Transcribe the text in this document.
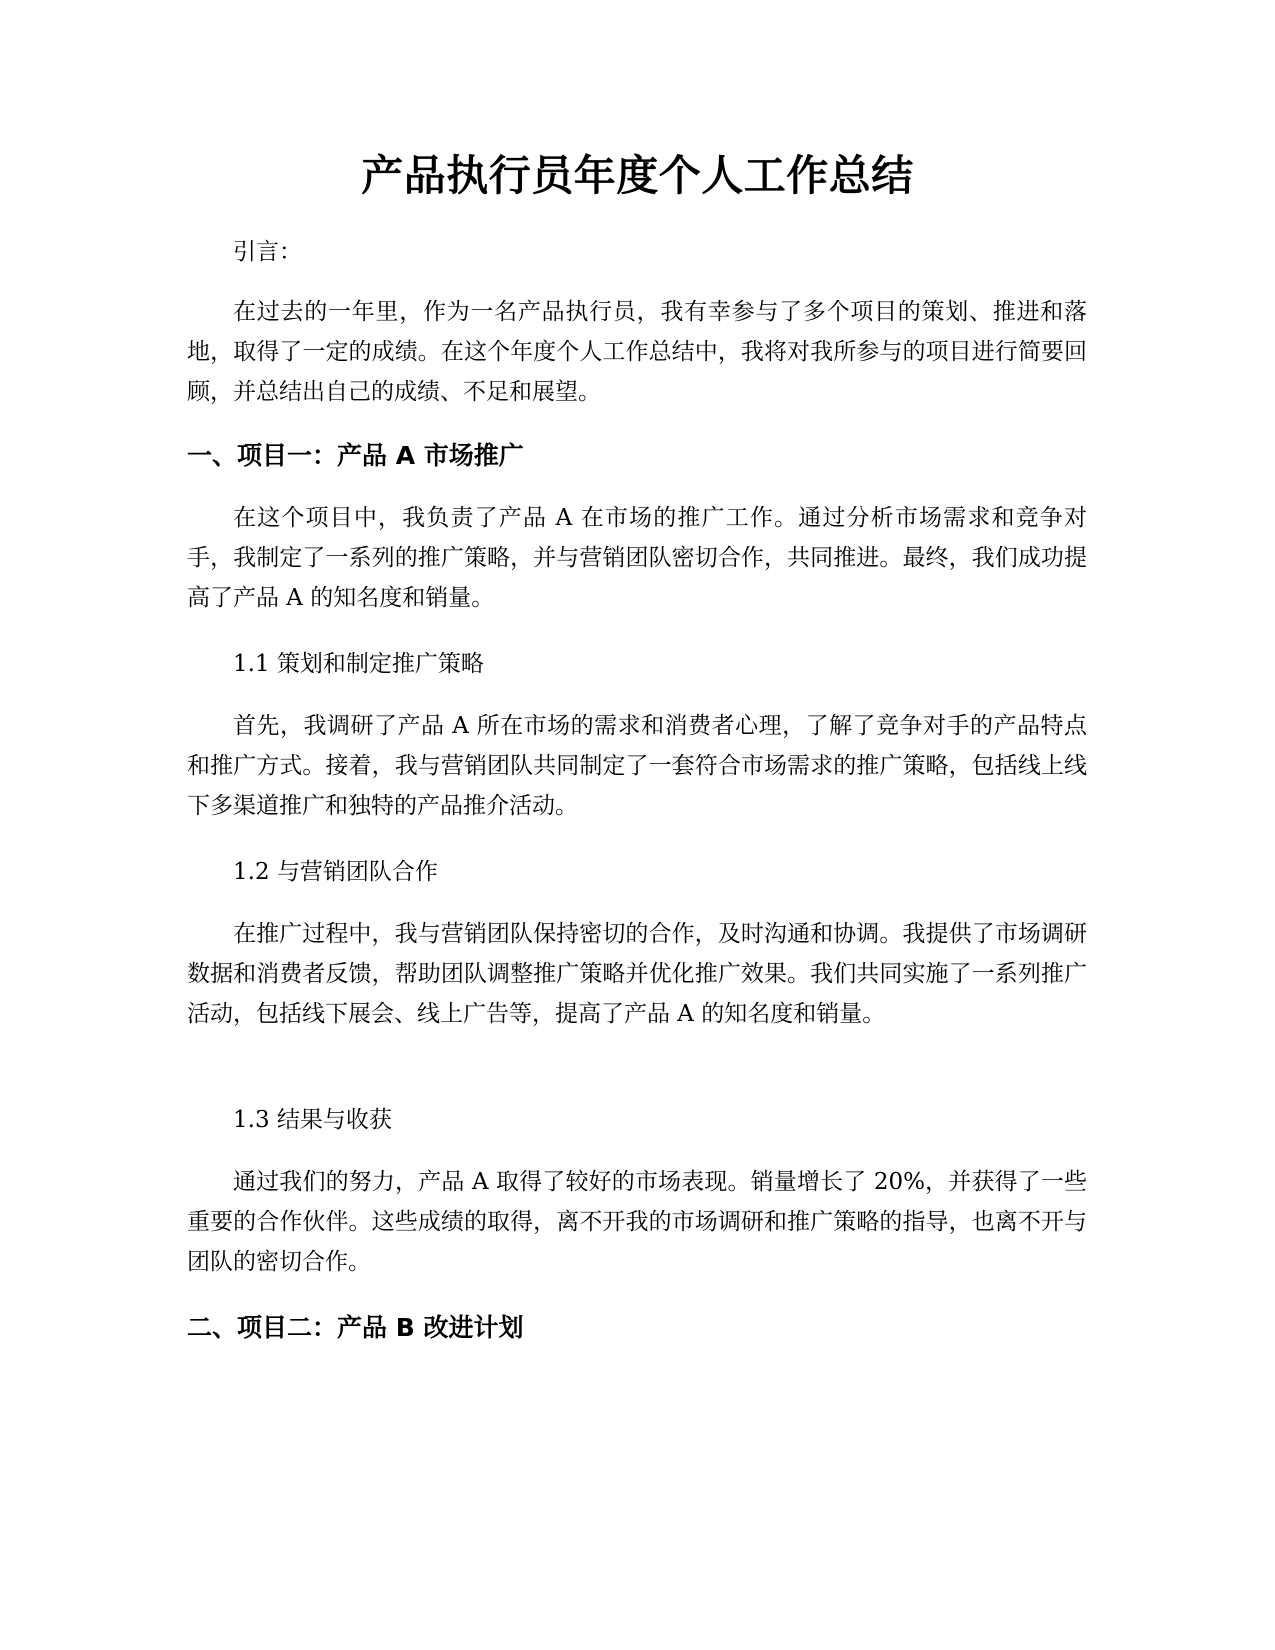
产品执行员年度个人工作总结

引言：

在过去的一年里，作为一名产品执行员，我有幸参与了多个项目的策划、推进和落地，取得了一定的成绩。在这个年度个人工作总结中，我将对我所参与的项目进行简要回顾，并总结出自己的成绩、不足和展望。

一、项目一：产品 A 市场推广

在这个项目中，我负责了产品 A 在市场的推广工作。通过分析市场需求和竞争对手，我制定了一系列的推广策略，并与营销团队密切合作，共同推进。最终，我们成功提高了产品 A 的知名度和销量。

1.1 策划和制定推广策略

首先，我调研了产品 A 所在市场的需求和消费者心理，了解了竞争对手的产品特点和推广方式。接着，我与营销团队共同制定了一套符合市场需求的推广策略，包括线上线下多渠道推广和独特的产品推介活动。

1.2 与营销团队合作

在推广过程中，我与营销团队保持密切的合作，及时沟通和协调。我提供了市场调研数据和消费者反馈，帮助团队调整推广策略并优化推广效果。我们共同实施了一系列推广活动，包括线下展会、线上广告等，提高了产品 A 的知名度和销量。

1.3 结果与收获

通过我们的努力，产品 A 取得了较好的市场表现。销量增长了 20%，并获得了一些重要的合作伙伴。这些成绩的取得，离不开我的市场调研和推广策略的指导，也离不开与团队的密切合作。

二、项目二：产品 B 改进计划
